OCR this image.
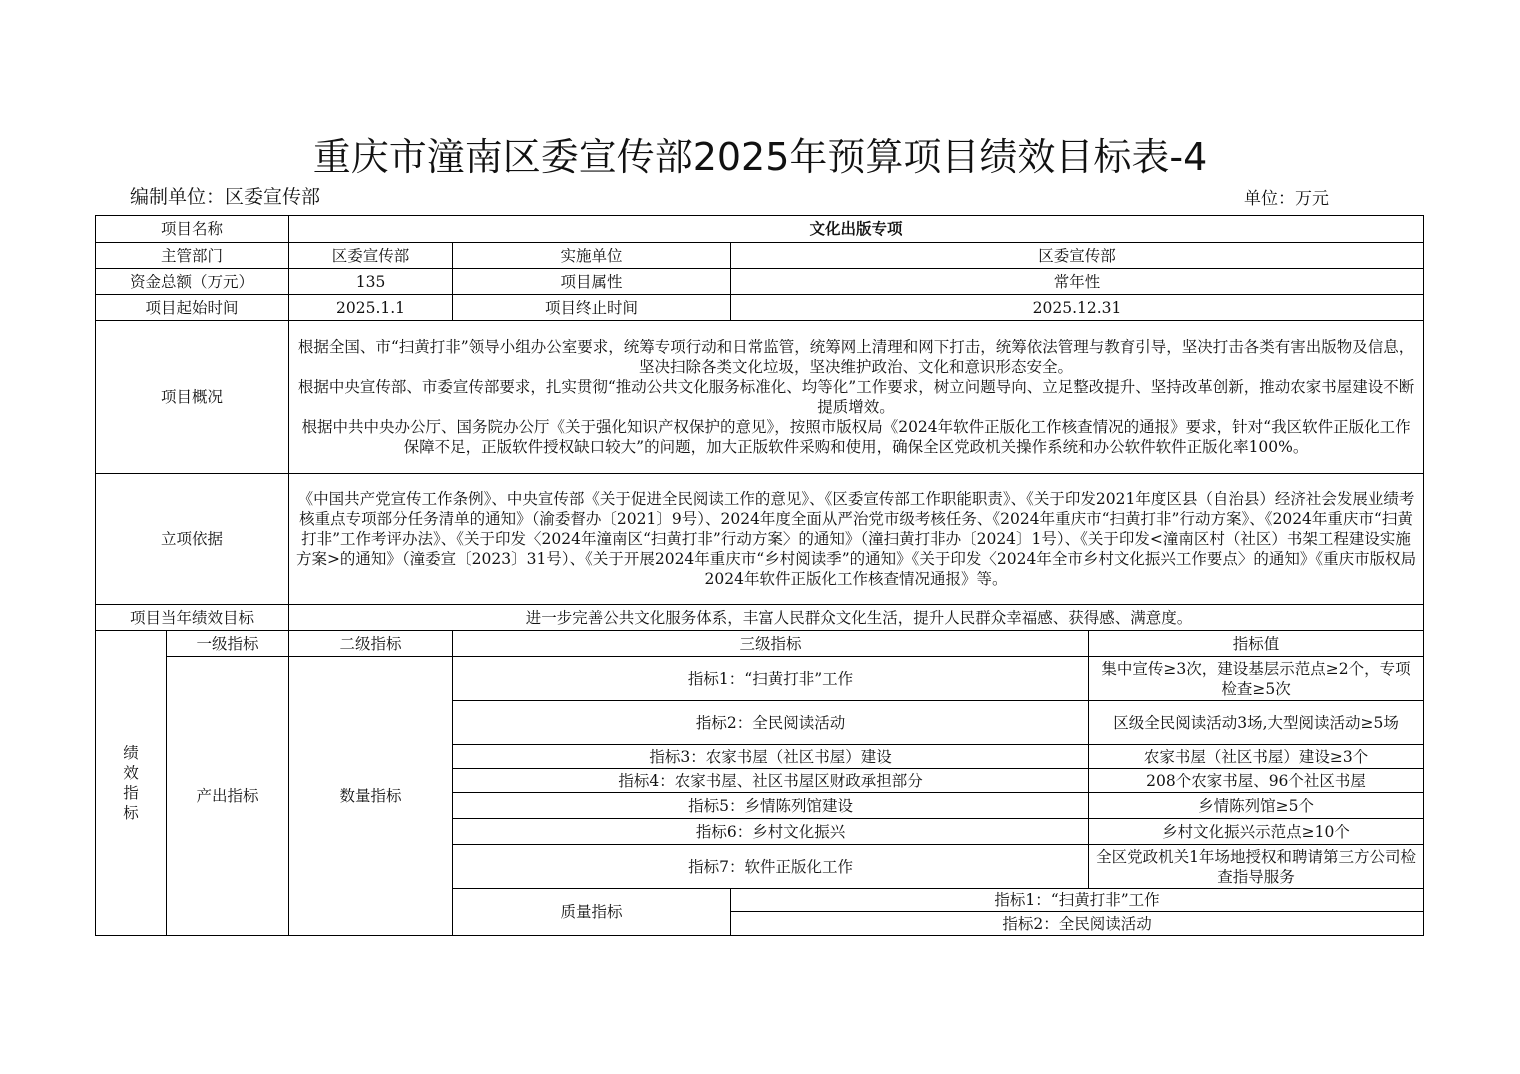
重庆市潼南区委宣传部2025年预算项目绩效目标表-4
编制单位：区委宣传部	单位：万元
项目名称		文化出版专项				
主管部门		区委宣传部	实施单位	区委宣传部		
资金总额（万元）		135	项目属性	常年性		
项目起始时间		2025.1.1	项目终止时间	2025.12.31		
项目概况		根据全国、市“扫黄打非”领导小组办公室要求，统筹专项行动和日常监管，统筹网上清理和网下打击，统筹依法管理与教育引导，坚决打击各类有害出版物及信息，坚决扫除各类文化垃圾，坚决维护政治、文化和意识形态安全。
根据中央宣传部、市委宣传部要求，扎实贯彻“推动公共文化服务标准化、均等化”工作要求，树立问题导向、立足整改提升、坚持改革创新，推动农家书屋建设不断提质增效。
根据中共中央办公厅、国务院办公厅《关于强化知识产权保护的意见》，按照市版权局《2024年软件正版化工作核查情况的通报》要求，针对“我区软件正版化工作保障不足，正版软件授权缺口较大”的问题，加大正版软件采购和使用，确保全区党政机关操作系统和办公软件软件正版化率100%。				

立项依据		《中国共产党宣传工作条例》、中央宣传部《关于促进全民阅读工作的意见》、《区委宣传部工作职能职责》、《关于印发2021年度区县（自治县）经济社会发展业绩考核重点专项部分任务清单的通知》（渝委督办〔2021〕9号）、2024年度全面从严治党市级考核任务、《2024年重庆市“扫黄打非”行动方案》、《2024年重庆市“扫黄打非”工作考评办法》、《关于印发〈2024年潼南区“扫黄打非”行动方案〉的通知》（潼扫黄打非办〔2024〕1号）、《关于印发<潼南区村（社区）书架工程建设实施方案>的通知》（潼委宣〔2023〕31号）、《关于开展2024年重庆市“乡村阅读季”的通知》《关于印发〈2024年全市乡村文化振兴工作要点〉的通知》《重庆市版权局2024年软件正版化工作核查情况通报》等。				
项目当年绩效目标		进一步完善公共文化服务体系，丰富人民群众文化生活，提升人民群众幸福感、获得感、满意度。				

绩
效
指
标	一级指标	二级指标	三级指标		指标值	
	产出指标	数量指标	指标1：“扫黄打非”工作		集中宣传≥3次，建设基层示范点≥2个，专项检查≥5次	
			指标2：全民阅读活动		区级全民阅读活动3场,大型阅读活动≥5场	
			指标3：农家书屋（社区书屋）建设		农家书屋（社区书屋）建设≥3个	
			指标4：农家书屋、社区书屋区财政承担部分		208个农家书屋、96个社区书屋	
			指标5：乡情陈列馆建设		乡情陈列馆≥5个	
			指标6：乡村文化振兴		乡村文化振兴示范点≥10个	
			指标7：软件正版化工作		全区党政机关1年场地授权和聘请第三方公司检查指导服务	
			质量指标	指标1：“扫黄打非”工作	
				指标2：全民阅读活动	
